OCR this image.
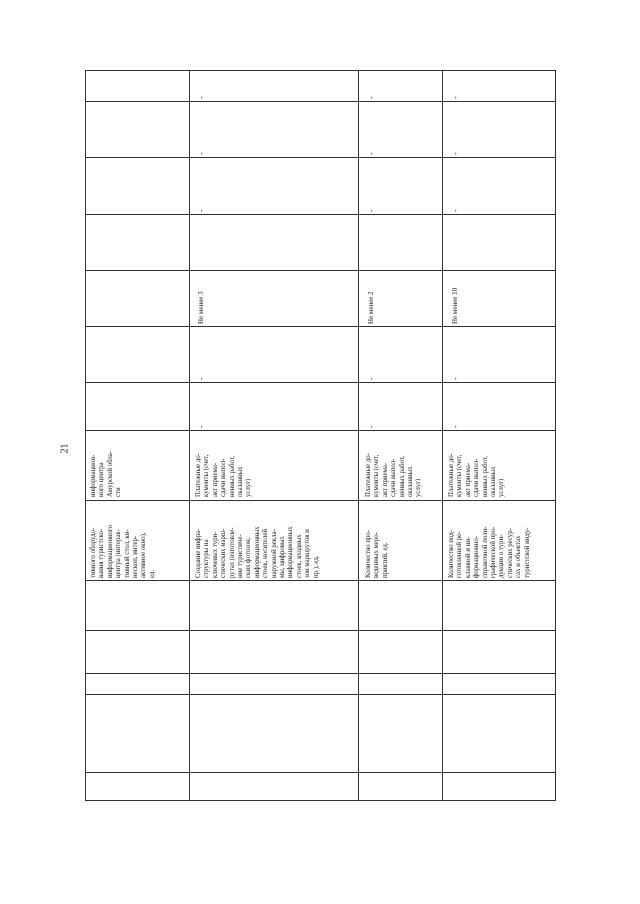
21
тивного оборудо-
вания туристско-
информационного
центра (интерак-
тивный стол, ки-
нескоп, интер-
активное окно),
ед.
информацион-
ного центра
Амурской обла-
сти
Создание инфра-
структуры на
ключевых тури-
стических марш-
рутах (изготовле-
ние туристиче-
ских фотозон,
информационных
стоек, носителей
наружной рекла-
мы, цифровых
информационных
стоек, входных
зон маршрутов и
пр.), ед.
Платежные до-
кументы (счет,
акт приема-
сдачи выпол-
ненных работ,
оказанных
услуг)
-
-
Не менее 3
-
-
-
Количество про-
веденных меро-
приятий, ед.
Платежные до-
кументы (счет,
акт приема-
сдачи выпол-
ненных работ,
оказанных
услуг)
-
-
Не менее 2
-
-
-
Количество под-
готовленной ре-
кламной и ин-
формационно-
справочной поли-
графической про-
дукции о тури-
стических ресур-
сах и объектах
туристской инду-
Платежные до-
кументы (счет,
акт приема-
сдачи выпол-
ненных работ,
оказанных
услуг)
-
-
Не менее 10
-
-
-
